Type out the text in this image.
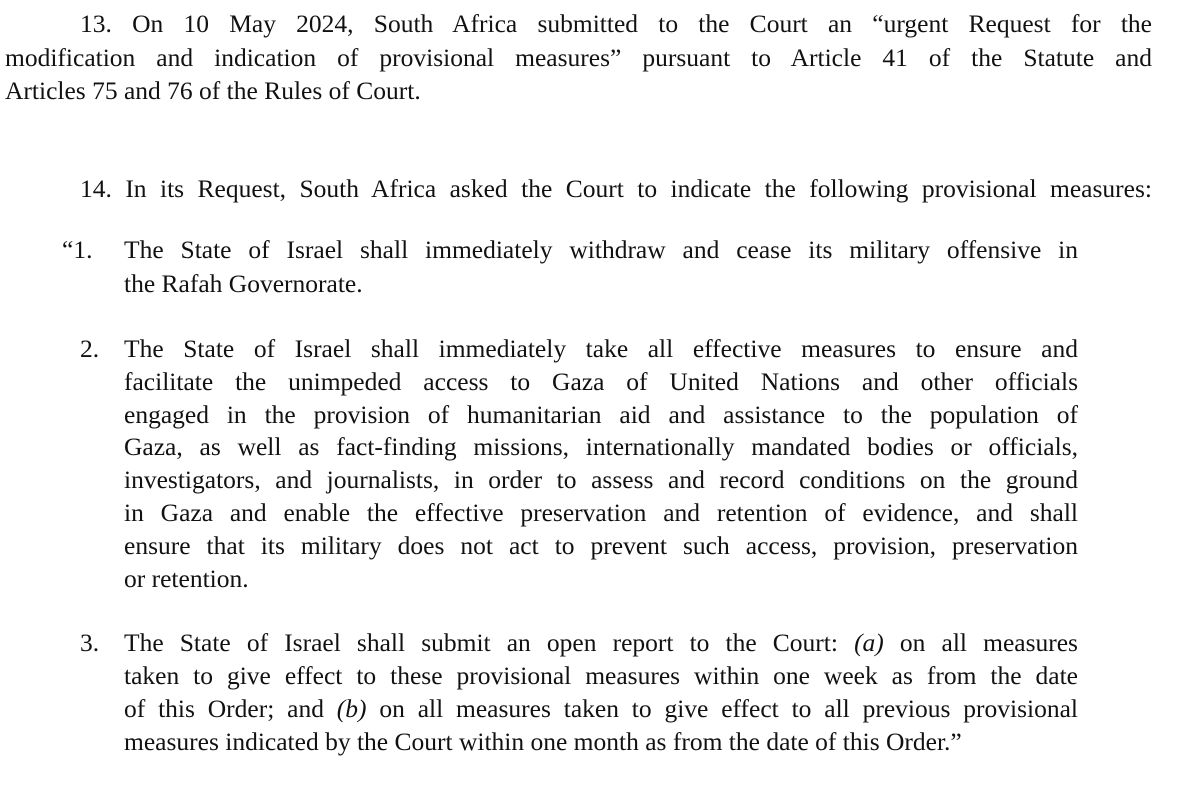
13. On 10 May 2024, South Africa submitted to the Court an “urgent Request for the
modification and indication of provisional measures” pursuant to Article 41 of the Statute and
Articles 75 and 76 of the Rules of Court.
14. In its Request, South Africa asked the Court to indicate the following provisional measures:
“1. The State of Israel shall immediately withdraw and cease its military offensive in
the Rafah Governorate.
2. The State of Israel shall immediately take all effective measures to ensure and
facilitate the unimpeded access to Gaza of United Nations and other officials
engaged in the provision of humanitarian aid and assistance to the population of
Gaza, as well as fact-finding missions, internationally mandated bodies or officials,
investigators, and journalists, in order to assess and record conditions on the ground
in Gaza and enable the effective preservation and retention of evidence, and shall
ensure that its military does not act to prevent such access, provision, preservation
or retention.
3. The State of Israel shall submit an open report to the Court: (a) on all measures
taken to give effect to these provisional measures within one week as from the date
of this Order; and (b) on all measures taken to give effect to all previous provisional
measures indicated by the Court within one month as from the date of this Order.”
